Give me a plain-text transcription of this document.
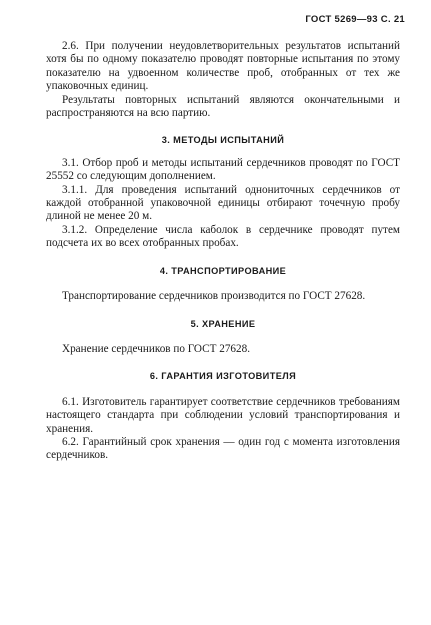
ГОСТ 5269—93 С. 21

2.6. При получении неудовлетворительных результатов испытаний хотя бы по одному показателю проводят повторные испытания по этому показателю на удвоенном количестве проб, отобранных от тех же упаковочных единиц.

Результаты повторных испытаний являются окончательными и распространяются на всю партию.

3. МЕТОДЫ ИСПЫТАНИЙ

3.1. Отбор проб и методы испытаний сердечников проводят по ГОСТ 25552 со следующим дополнением.

3.1.1. Для проведения испытаний однониточных сердечников от каждой отобранной упаковочной единицы отбирают точечную пробу длиной не менее 20 м.

3.1.2. Определение числа каболок в сердечнике проводят путем подсчета их во всех отобранных пробах.

4. ТРАНСПОРТИРОВАНИЕ

Транспортирование сердечников производится по ГОСТ 27628.

5. ХРАНЕНИЕ

Хранение сердечников по ГОСТ 27628.

6. ГАРАНТИЯ ИЗГОТОВИТЕЛЯ

6.1. Изготовитель гарантирует соответствие сердечников требованиям настоящего стандарта при соблюдении условий транспортирования и хранения.

6.2. Гарантийный срок хранения — один год с момента изготовления сердечников.
